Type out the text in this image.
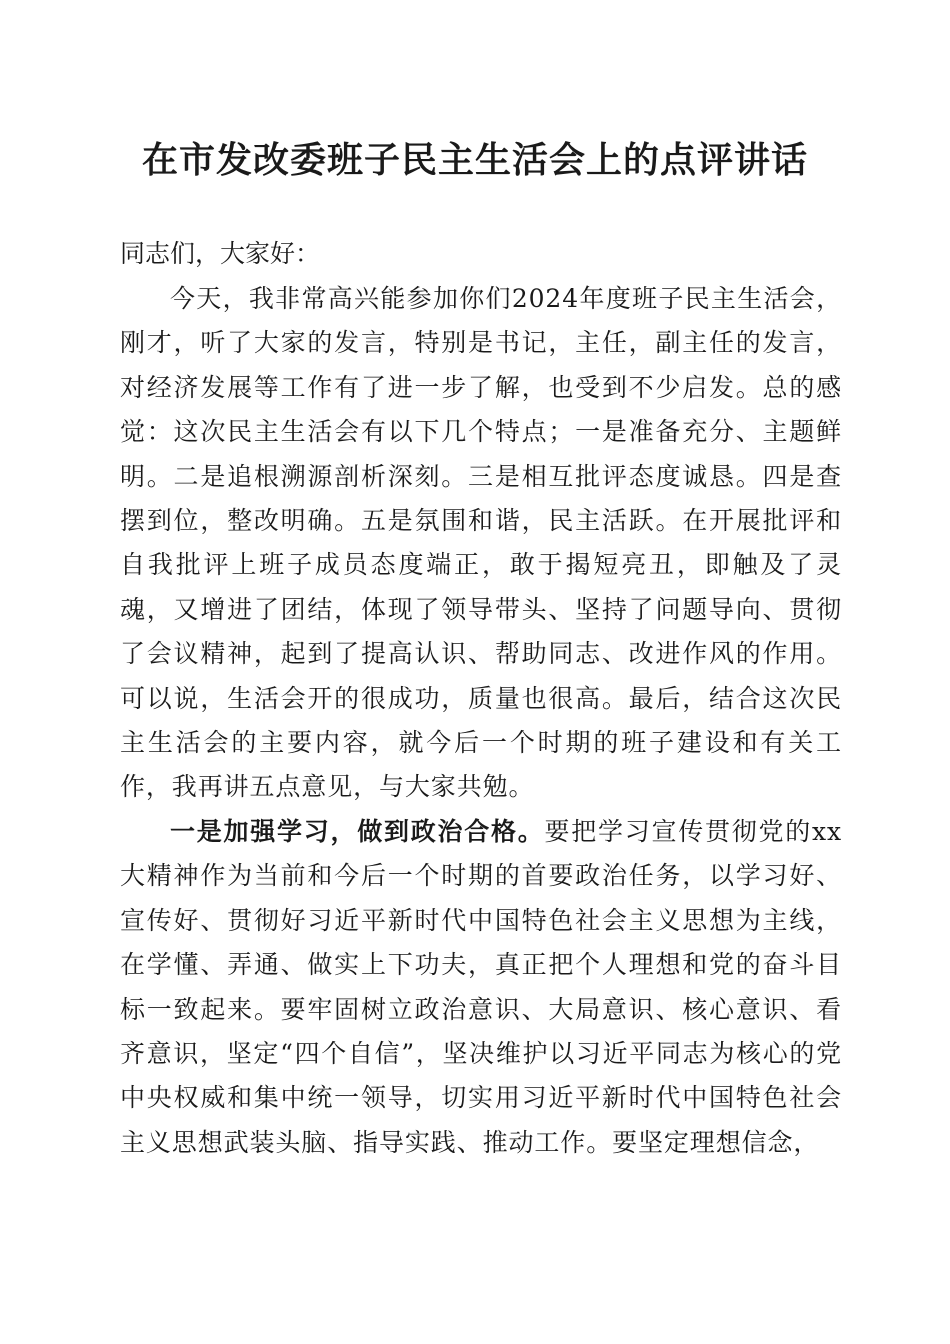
在市发改委班子民主生活会上的点评讲话

同志们，大家好：

今天，我非常高兴能参加你们2024年度班子民主生活会，刚才，听了大家的发言，特别是书记，主任，副主任的发言，对经济发展等工作有了进一步了解，也受到不少启发。总的感觉：这次民主生活会有以下几个特点；一是准备充分、主题鲜明。二是追根溯源剖析深刻。三是相互批评态度诚恳。四是查摆到位，整改明确。五是氛围和谐，民主活跃。在开展批评和自我批评上班子成员态度端正，敢于揭短亮丑，即触及了灵魂，又增进了团结，体现了领导带头、坚持了问题导向、贯彻了会议精神，起到了提高认识、帮助同志、改进作风的作用。可以说，生活会开的很成功，质量也很高。最后，结合这次民主生活会的主要内容，就今后一个时期的班子建设和有关工作，我再讲五点意见，与大家共勉。

一是加强学习，做到政治合格。要把学习宣传贯彻党的xx大精神作为当前和今后一个时期的首要政治任务，以学习好、宣传好、贯彻好习近平新时代中国特色社会主义思想为主线，在学懂、弄通、做实上下功夫，真正把个人理想和党的奋斗目标一致起来。要牢固树立政治意识、大局意识、核心意识、看齐意识，坚定“四个自信”，坚决维护以习近平同志为核心的党中央权威和集中统一领导，切实用习近平新时代中国特色社会主义思想武装头脑、指导实践、推动工作。要坚定理想信念，
